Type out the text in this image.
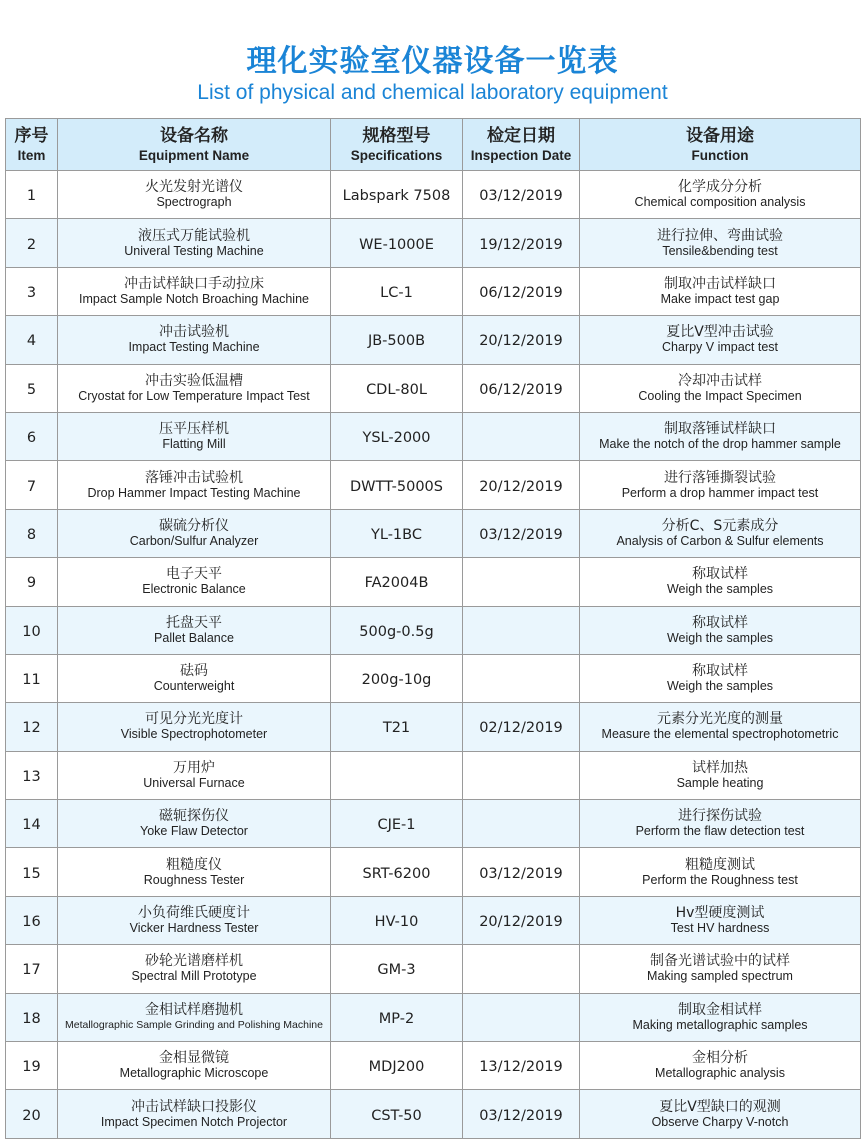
理化实验室仪器设备一览表
List of physical and chemical laboratory equipment
序号
Item	设备名称
Equipment Name	规格型号
Specifications	检定日期
Inspection Date	设备用途
Function

1	火光发射光谱仪
Spectrograph	Labspark 7508	03/12/2019	化学成分分析
Chemical composition analysis

2	液压式万能试验机
Univeral Testing Machine	WE-1000E	19/12/2019	进行拉伸、弯曲试验
Tensile&bending test

3	冲击试样缺口手动拉床
Impact Sample Notch Broaching Machine	LC-1	06/12/2019	制取冲击试样缺口
Make impact test gap

4	冲击试验机
Impact Testing Machine	JB-500B	20/12/2019	夏比V型冲击试验
Charpy V impact test

5	冲击实验低温槽
Cryostat for Low Temperature Impact Test	CDL-80L	06/12/2019	冷却冲击试样
Cooling the Impact Specimen

6	压平压样机
Flatting Mill	YSL-2000		制取落锤试样缺口
Make the notch of the drop hammer sample

7	落锤冲击试验机
Drop Hammer Impact Testing Machine	DWTT-5000S	20/12/2019	进行落锤撕裂试验
Perform a drop hammer impact test

8	碳硫分析仪
Carbon/Sulfur Analyzer	YL-1BC	03/12/2019	分析C、S元素成分
Analysis of Carbon & Sulfur elements

9	电子天平
Electronic Balance	FA2004B		称取试样
Weigh the samples

10	托盘天平
Pallet Balance	500g-0.5g		称取试样
Weigh the samples

11	砝码
Counterweight	200g-10g		称取试样
Weigh the samples

12	可见分光光度计
Visible Spectrophotometer	T21	02/12/2019	元素分光光度的测量
Measure the elemental spectrophotometric

13	万用炉
Universal Furnace			试样加热
Sample heating

14	磁轭探伤仪
Yoke Flaw Detector	CJE-1		进行探伤试验
Perform the flaw detection test

15	粗糙度仪
Roughness Tester	SRT-6200	03/12/2019	粗糙度测试
Perform the Roughness test

16	小负荷维氏硬度计
Vicker Hardness Tester	HV-10	20/12/2019	Hv型硬度测试
Test HV hardness

17	砂轮光谱磨样机
Spectral Mill Prototype	GM-3		制备光谱试验中的试样
Making sampled spectrum

18	金相试样磨抛机
Metallographic Sample Grinding and Polishing Machine	MP-2		制取金相试样
Making metallographic samples

19	金相显微镜
Metallographic Microscope	MDJ200	13/12/2019	金相分析
Metallographic analysis

20	冲击试样缺口投影仪
Impact Specimen Notch Projector	CST-50	03/12/2019	夏比V型缺口的观测
Observe Charpy V-notch
